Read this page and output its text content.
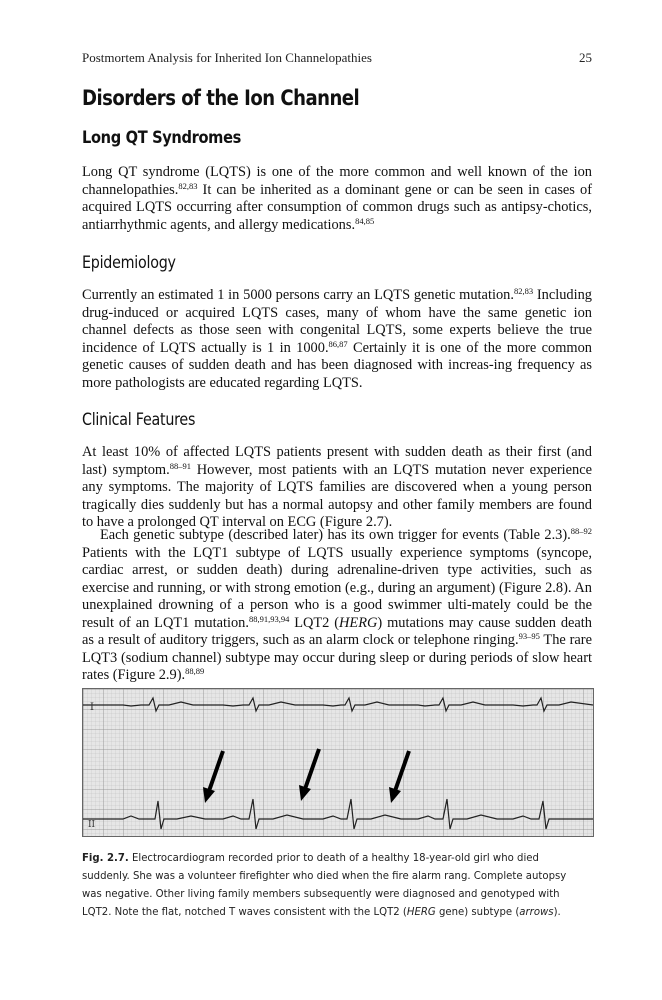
Postmortem Analysis for Inherited Ion Channelopathies	25
Disorders of the Ion Channel
Long QT Syndromes

Long QT syndrome (LQTS) is one of the more common and well known of the ion channelopathies.$^{82,83}$ It can be inherited as a dominant gene or can be seen in cases of acquired LQTS occurring after consumption of common drugs such as antipsy-chotics, antiarrhythmic agents, and allergy medications.$^{84,85}$

Epidemiology

Currently an estimated 1 in 5000 persons carry an LQTS genetic mutation.$^{82,83}$ Including drug-induced or acquired LQTS cases, many of whom have the same genetic ion channel defects as those seen with congenital LQTS, some experts believe the true incidence of LQTS actually is 1 in 1000.$^{86,87}$ Certainly it is one of the more common genetic causes of sudden death and has been diagnosed with increas-ing frequency as more pathologists are educated regarding LQTS.

Clinical Features

At least 10% of affected LQTS patients present with sudden death as their first (and last) symptom.$^{88-91}$ However, most patients with an LQTS mutation never experience any symptoms. The majority of LQTS families are discovered when a young person tragically dies suddenly but has a normal autopsy and other family members are found to have a prolonged QT interval on ECG (Figure 2.7).

Each genetic subtype (described later) has its own trigger for events (Table 2.3).$^{88-92}$ Patients with the LQT1 subtype of LQTS usually experience symptoms (syncope, cardiac arrest, or sudden death) during adrenaline-driven type activities, such as exercise and running, or with strong emotion (e.g., during an argument) (Figure 2.8). An unexplained drowning of a person who is a good swimmer ulti-mately could be the result of an LQT1 mutation.$^{88,91,93,94}$ LQT2 (HERG) mutations may cause sudden death as a result of auditory triggers, such as an alarm clock or telephone ringing.$^{93-95}$ The rare LQT3 (sodium channel) subtype may occur during sleep or during periods of slow heart rates (Figure 2.9).$^{88,89}$

I
II

Fig. 2.7. Electrocardiogram recorded prior to death of a healthy 18-year-old girl who died suddenly. She was a volunteer firefighter who died when the fire alarm rang. Complete autopsy was negative. Other living family members subsequently were diagnosed and genotyped with LQT2. Note the flat, notched T waves consistent with the LQT2 (HERG gene) subtype (arrows).
